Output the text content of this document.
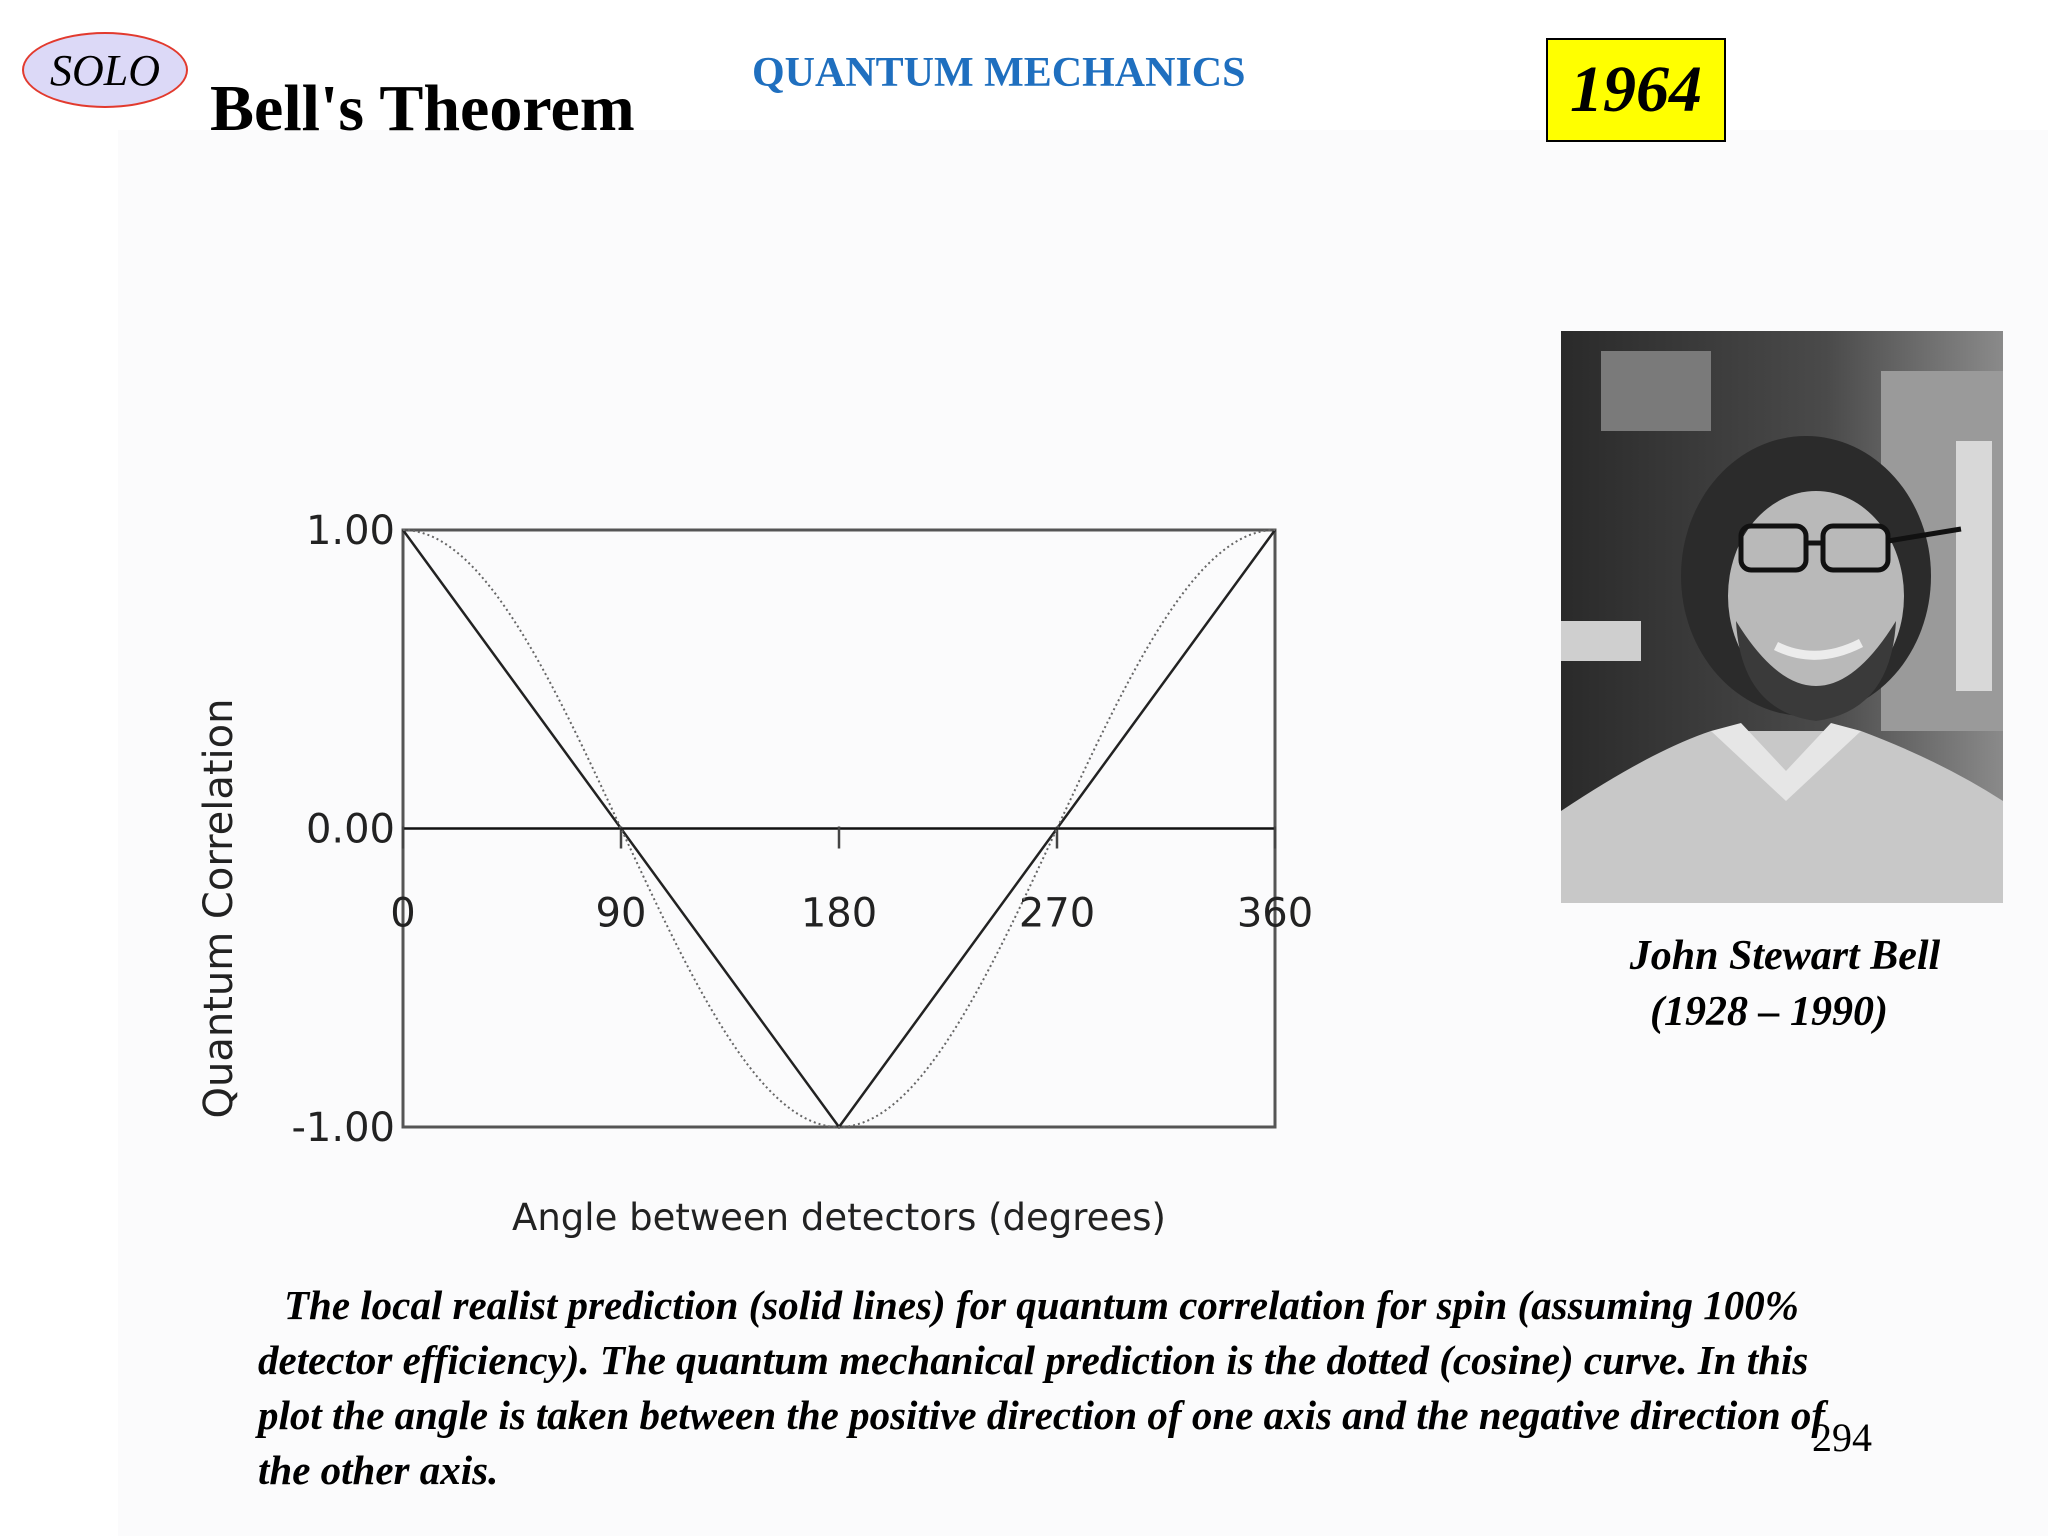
SOLO
Bell's Theorem	QUANTUM MECHANICS	1964
0	90	180	270	360
1.00
0.00
-1.00
Angle between detectors (degrees)
Quantum Correlation	John Stewart Bell
(1928 – 1990)

The local realist prediction (solid lines) for quantum correlation for spin (assuming 100% detector efficiency). The quantum mechanical prediction is the dotted (cosine) curve. In this plot the angle is taken between the positive direction of one axis and the negative direction of the other axis.

294
